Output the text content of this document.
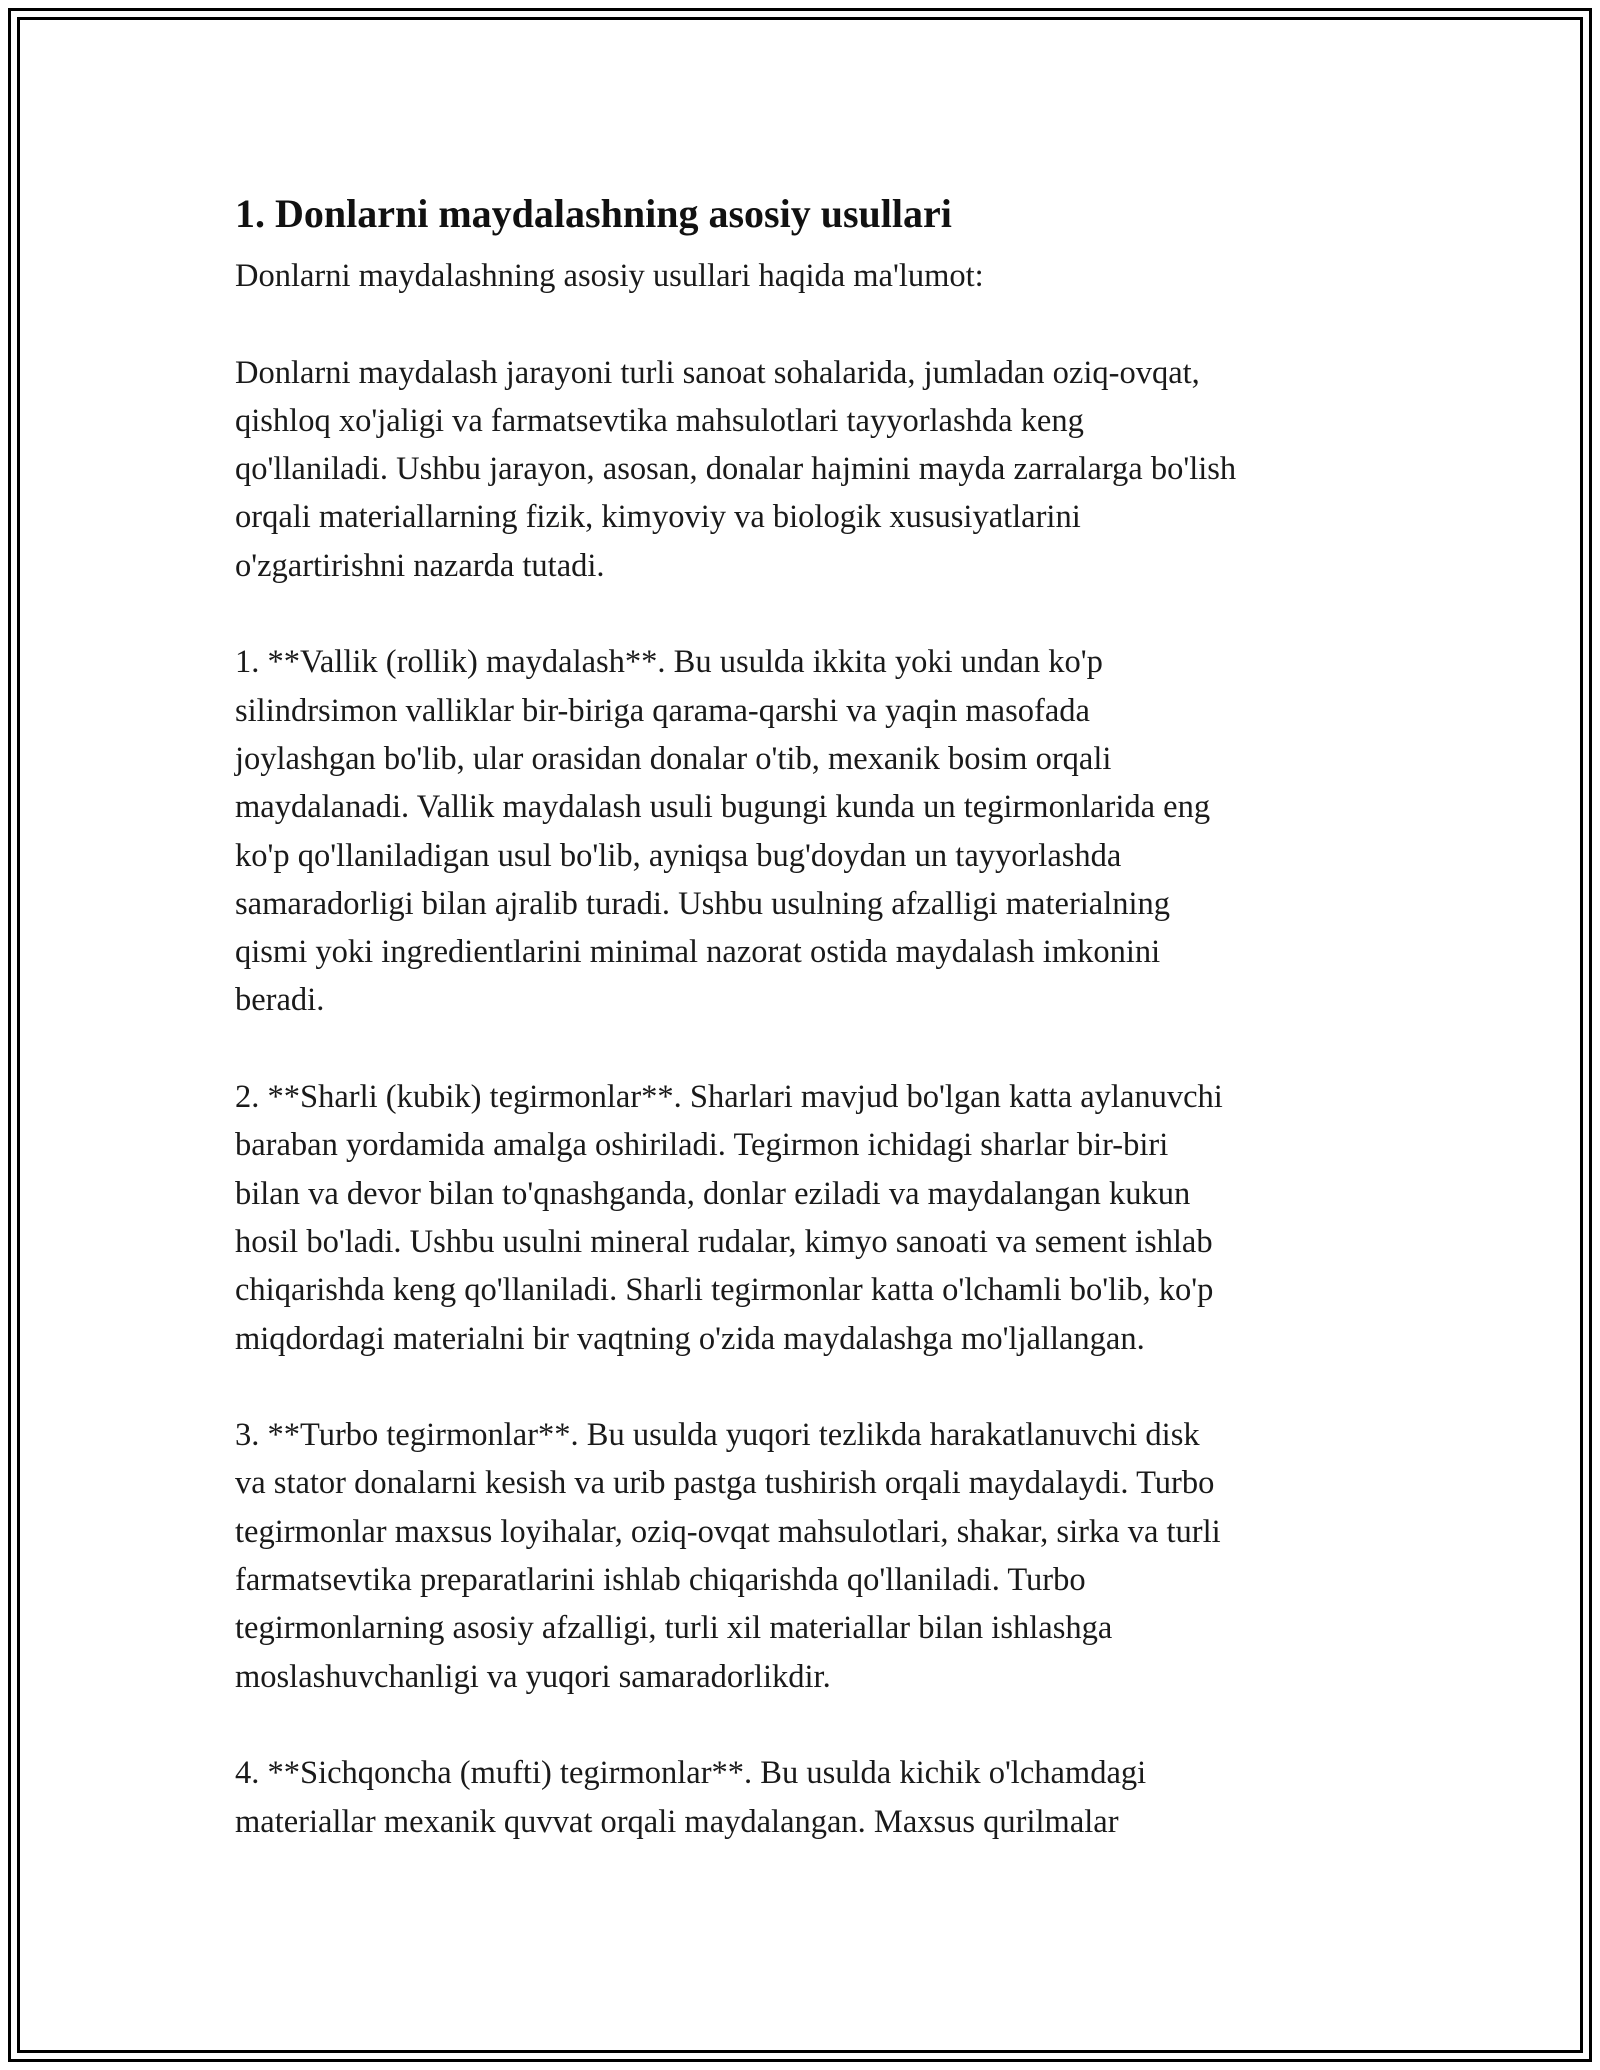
1. Donlarni maydalashning asosiy usullari
Donlarni maydalashning asosiy usullari haqida ma'lumot:
Donlarni maydalash jarayoni turli sanoat sohalarida, jumladan oziq-ovqat,
qishloq xo'jaligi va farmatsevtika mahsulotlari tayyorlashda keng
qo'llaniladi. Ushbu jarayon, asosan, donalar hajmini mayda zarralarga bo'lish
orqali materiallarning fizik, kimyoviy va biologik xususiyatlarini
o'zgartirishni nazarda tutadi.
1. **Vallik (rollik) maydalash**. Bu usulda ikkita yoki undan ko'p
silindrsimon valliklar bir-biriga qarama-qarshi va yaqin masofada
joylashgan bo'lib, ular orasidan donalar o'tib, mexanik bosim orqali
maydalanadi. Vallik maydalash usuli bugungi kunda un tegirmonlarida eng
ko'p qo'llaniladigan usul bo'lib, ayniqsa bug'doydan un tayyorlashda
samaradorligi bilan ajralib turadi. Ushbu usulning afzalligi materialning
qismi yoki ingredientlarini minimal nazorat ostida maydalash imkonini
beradi.
2. **Sharli (kubik) tegirmonlar**. Sharlari mavjud bo'lgan katta aylanuvchi
baraban yordamida amalga oshiriladi. Tegirmon ichidagi sharlar bir-biri
bilan va devor bilan to'qnashganda, donlar eziladi va maydalangan kukun
hosil bo'ladi. Ushbu usulni mineral rudalar, kimyo sanoati va sement ishlab
chiqarishda keng qo'llaniladi. Sharli tegirmonlar katta o'lchamli bo'lib, ko'p
miqdordagi materialni bir vaqtning o'zida maydalashga mo'ljallangan.
3. **Turbo tegirmonlar**. Bu usulda yuqori tezlikda harakatlanuvchi disk
va stator donalarni kesish va urib pastga tushirish orqali maydalaydi. Turbo
tegirmonlar maxsus loyihalar, oziq-ovqat mahsulotlari, shakar, sirka va turli
farmatsevtika preparatlarini ishlab chiqarishda qo'llaniladi. Turbo
tegirmonlarning asosiy afzalligi, turli xil materiallar bilan ishlashga
moslashuvchanligi va yuqori samaradorlikdir.
4. **Sichqoncha (mufti) tegirmonlar**. Bu usulda kichik o'lchamdagi
materiallar mexanik quvvat orqali maydalangan. Maxsus qurilmalar
